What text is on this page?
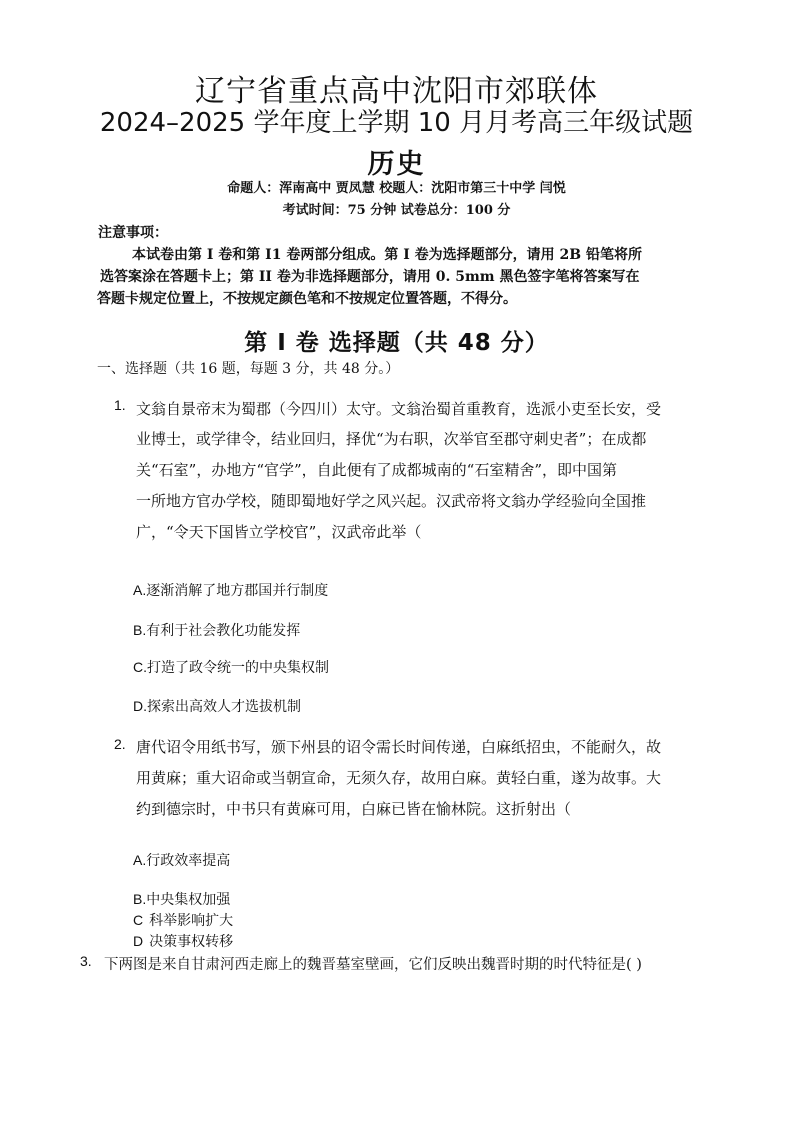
辽宁省重点高中沈阳市郊联体
2024–2025 学年度上学期 10 月月考高三年级试题
历史
命题人：浑南高中 贾凤慧 校题人：沈阳市第三十中学 闫悦
考试时间：75 分钟 试卷总分：100 分
注意事项：
本试卷由第 I 卷和第 I1 卷两部分组成。第 I 卷为选择题部分，请用 2B 铅笔将所
选答案涂在答题卡上；第 II 卷为非选择题部分，请用 0. 5mm 黑色签字笔将答案写在
答题卡规定位置上，不按规定颜色笔和不按规定位置答题，不得分。
第 I 卷 选择题（共 48 分）
一、选择题（共 16 题，每题 3 分，共 48 分。）
1. 文翁自景帝末为蜀郡（今四川）太守。文翁治蜀首重教育，选派小吏至长安，受
业博士，或学律令，结业回归，择优“为右职，次举官至郡守刺史者”；在成都
关“石室”，办地方“官学”，自此便有了成都城南的“石室精舍”，即中国第
一所地方官办学校，随即蜀地好学之风兴起。汉武帝将文翁办学经验向全国推
广，“令天下国皆立学校官”，汉武帝此举（
A.逐渐消解了地方郡国并行制度
B.有利于社会教化功能发挥
C.打造了政令统一的中央集权制
D.探索出高效人才选拔机制
2. 唐代诏令用纸书写，颁下州县的诏令需长时间传递，白麻纸招虫，不能耐久，故
用黄麻；重大诏命或当朝宣命，无须久存，故用白麻。黄轻白重，遂为故事。大
约到德宗时，中书只有黄麻可用，白麻已皆在愉林院。这折射出（
A.行政效率提高
B.中央集权加强
C 科举影响扩大
D 决策事权转移
3. 下两图是来自甘肃河西走廊上的魏晋墓室壁画，它们反映出魏晋时期的时代特征是( )
